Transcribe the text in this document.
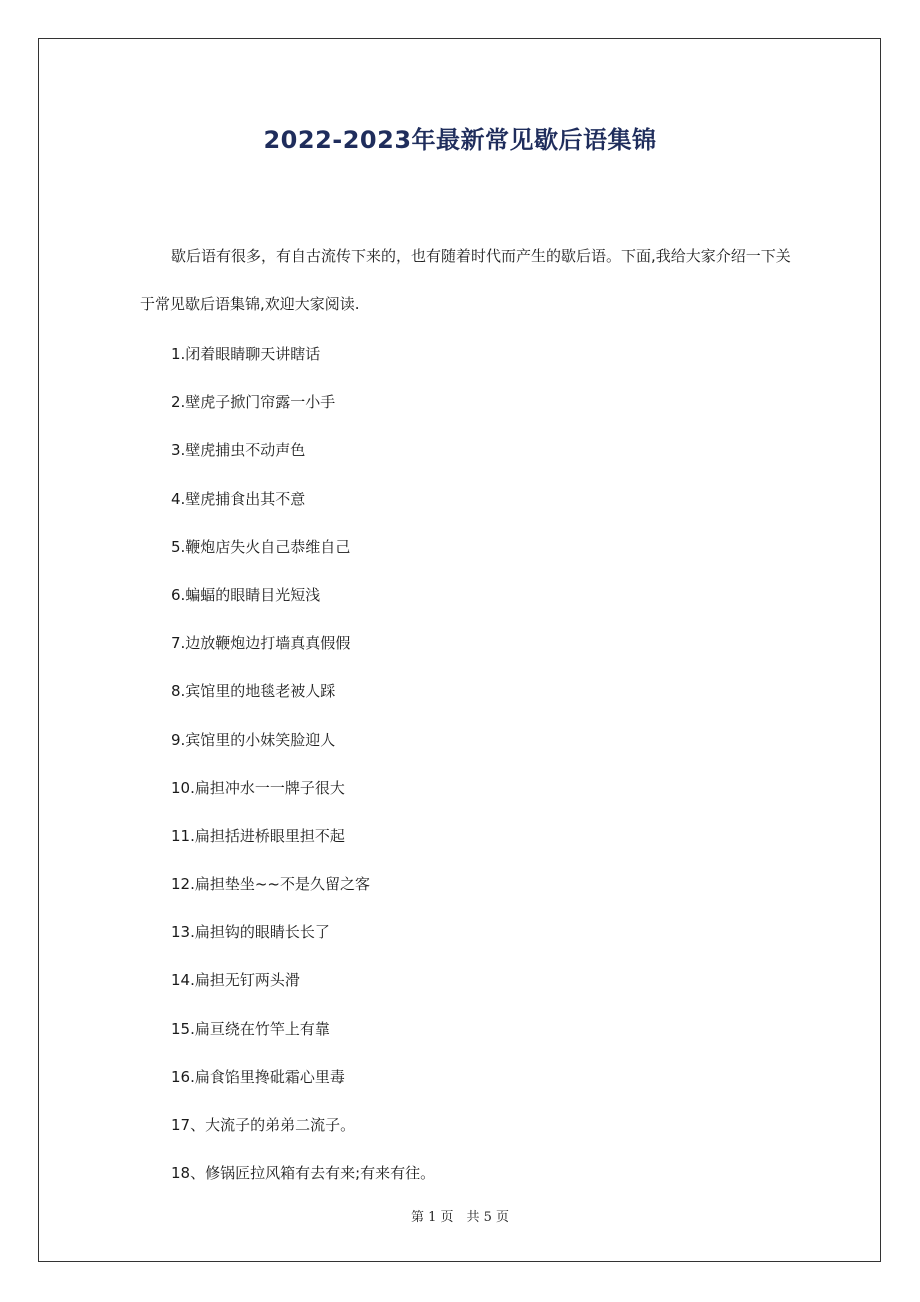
2022-2023年最新常见歇后语集锦

歇后语有很多，有自古流传下来的，也有随着时代而产生的歇后语。下面,我给大家介绍一下关于常见歇后语集锦,欢迎大家阅读.

1.闭着眼睛聊天讲瞎话
2.壁虎子掀门帘露一小手
3.壁虎捕虫不动声色
4.壁虎捕食出其不意
5.鞭炮店失火自己恭维自己
6.蝙蝠的眼睛目光短浅
7.边放鞭炮边打墙真真假假
8.宾馆里的地毯老被人踩
9.宾馆里的小妹笑脸迎人
10.扁担冲水一一牌子很大
11.扁担括进桥眼里担不起
12.扁担垫坐~~不是久留之客
13.扁担钩的眼睛长长了
14.扁担无钉两头滑
15.扁亘绕在竹竿上有靠
16.扁食馅里搀砒霜心里毒
17、大流子的弟弟二流子。
18、修锅匠拉风箱有去有来;有来有往。
第 1 页　共 5 页
